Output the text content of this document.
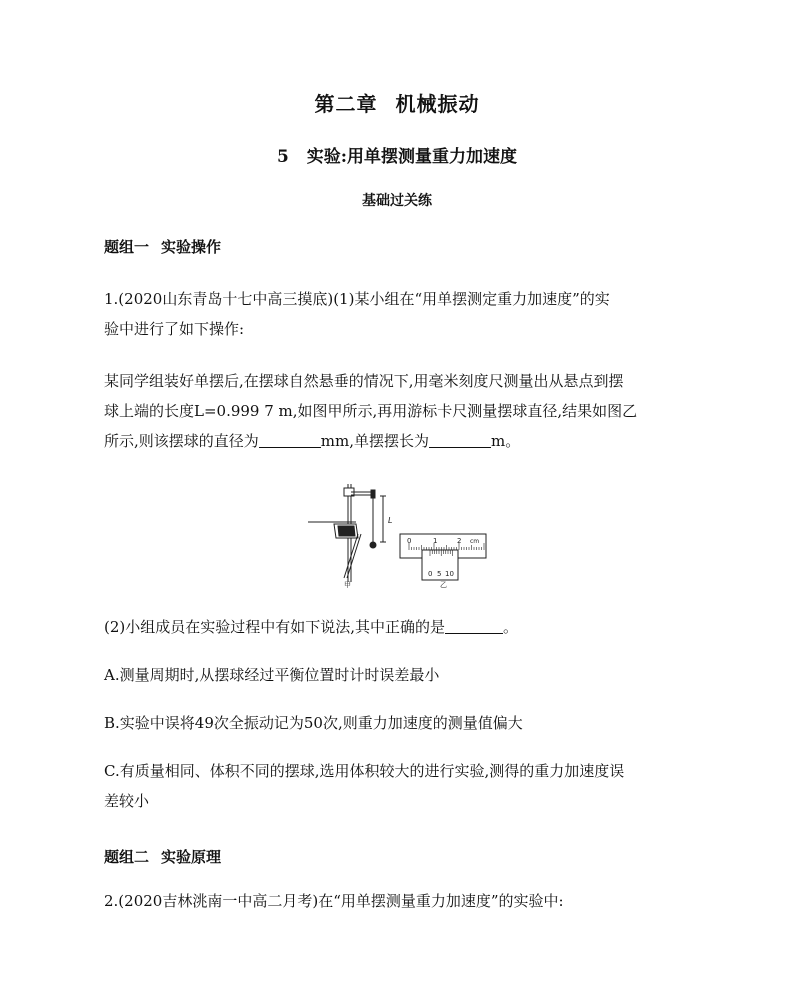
第二章 机械振动
5 实验:用单摆测量重力加速度
基础过关练
题组一 实验操作
1.(2020山东青岛十七中高三摸底)(1)某小组在“用单摆测定重力加速度”的实
验中进行了如下操作:
某同学组装好单摆后,在摆球自然悬垂的情况下,用毫米刻度尺测量出从悬点到摆
球上端的长度L=0.999 7 m,如图甲所示,再用游标卡尺测量摆球直径,结果如图乙
所示,则该摆球的直径为	mm,单摆摆长为	m。
L
甲
0	1	2 cm
0 5 10
乙
(2)小组成员在实验过程中有如下说法,其中正确的是	。
A.测量周期时,从摆球经过平衡位置时计时误差最小
B.实验中误将49次全振动记为50次,则重力加速度的测量值偏大
C.有质量相同、体积不同的摆球,选用体积较大的进行实验,测得的重力加速度误
差较小
题组二 实验原理
2.(2020吉林洮南一中高二月考)在“用单摆测量重力加速度”的实验中:
